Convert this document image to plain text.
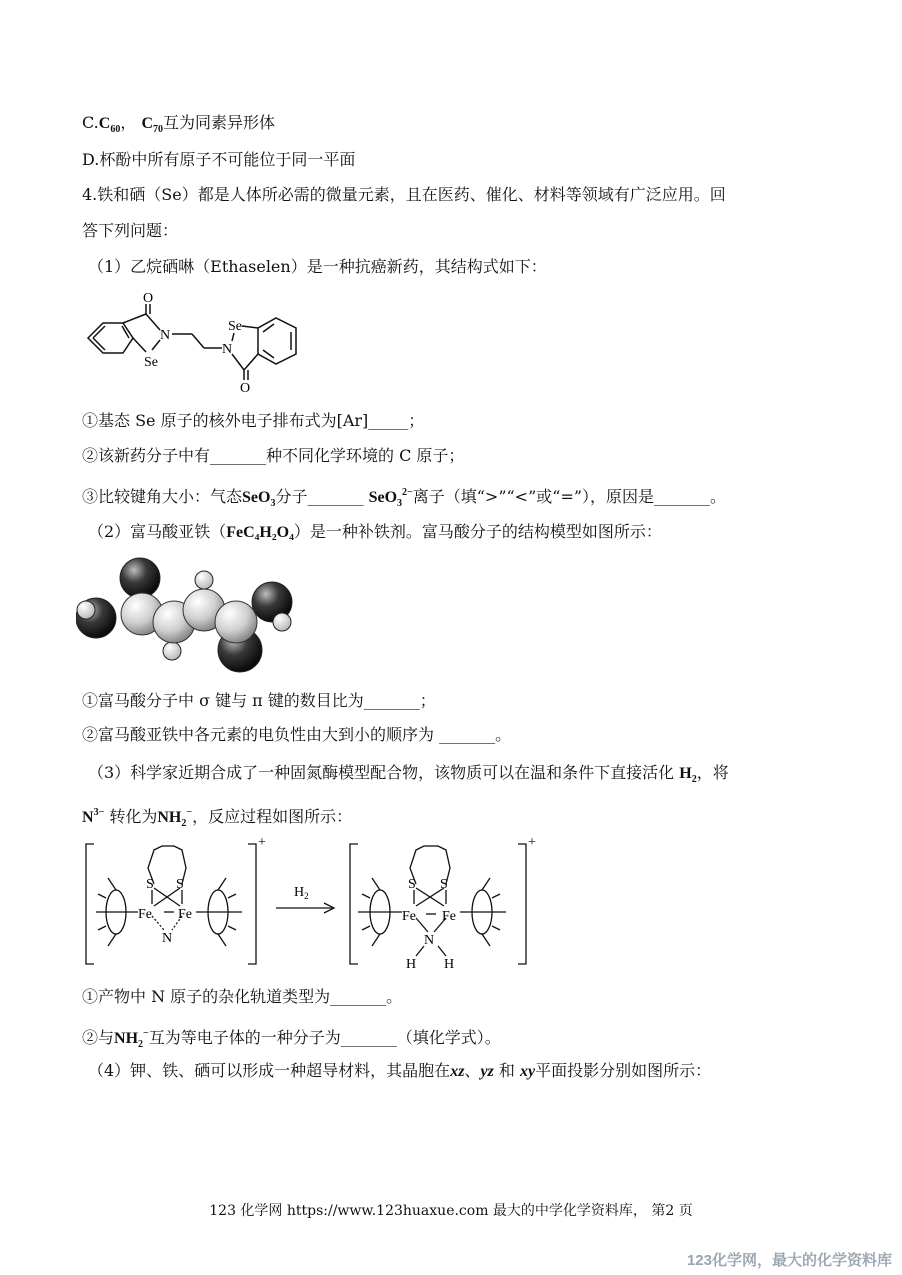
$C.C_{60}$， $C_{70}$互为同素异形体
D.杯酚中所有原子不可能位于同一平面
4.铁和硒（Se）都是人体所必需的微量元素，且在医药、催化、材料等领域有广泛应用。回
答下列问题：
（1）乙烷硒啉（Ethaselen）是一种抗癌新药，其结构式如下：
O
N
Se
N
Se
O
①基态 Se 原子的核外电子排布式为[Ar]_____；
②该新药分子中有_______种不同化学环境的 C 原子；
③比较键角大小：气态SeO$_3$分子_______ SeO$_3^{2-}$离子（填“>”“<”或“=”），原因是_______。
（2）富马酸亚铁（FeC₄H₂O₄）是一种补铁剂。富马酸分子的结构模型如图所示：
①富马酸分子中 σ 键与 π 键的数目比为_______；
②富马酸亚铁中各元素的电负性由大到小的顺序为 _______。
（3）科学家近期合成了一种固氮酶模型配合物，该物质可以在温和条件下直接活化 $H_2$，将
$N^{3-}$ 转化为$NH_2^-$，反应过程如图所示：
S S
Fe Fe
N
+
$H_2$
S S
Fe Fe
N
H H
+
①产物中 N 原子的杂化轨道类型为_______。
②与$NH_2^-$互为等电子体的一种分子为_______（填化学式）。
（4）钾、铁、硒可以形成一种超导材料，其晶胞在xz、yz 和 xy平面投影分别如图所示：
123 化学网 https://www.123huaxue.com 最大的中学化学资料库， 第2 页
123化学网，最大的化学资料库
